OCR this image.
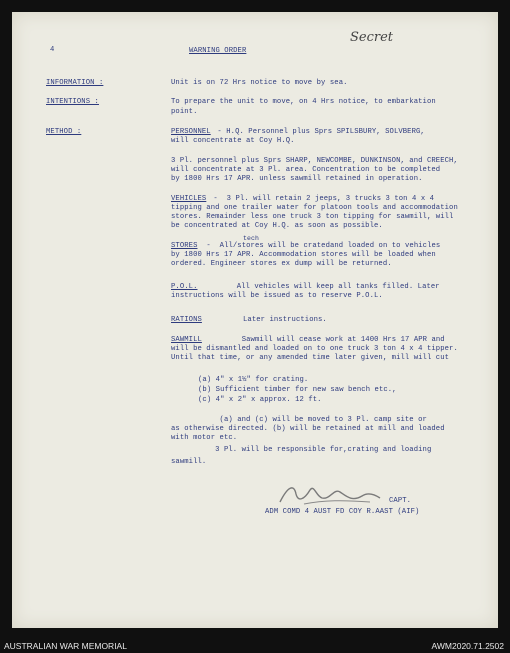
4
Secret
WARNING ORDER
INFORMATION :	Unit is on 72 Hrs notice to move by sea.
INTENTIONS :	To prepare the unit to move, on 4 Hrs notice, to embarkation
point.
METHOD :	PERSONNEL - H.Q. Personnel plus Sprs SPILSBURY, SOLVBERG,
will concentrate at Coy H.Q.
3 Pl. personnel plus Sprs SHARP, NEWCOMBE, DUNKINSON, and CREECH,
will concentrate at 3 Pl. area. Concentration to be completed
by 1800 Hrs 17 APR. unless sawmill retained in operation.
VEHICLES -  3 Pl. will retain 2 jeeps, 3 trucks 3 ton 4 x 4
tipping and one trailer water for platoon tools and accommodation
stores. Remainder less one truck 3 ton tipping for sawmill, will
be concentrated at Coy H.Q. as soon as possible.
tech
STORES -  All/stores will be cratedand loaded on to vehicles
by 1800 Hrs 17 APR. Accommodation stores will be loaded when
ordered. Engineer stores ex dump will be returned.
P.O.L. All vehicles will keep all tanks filled. Later
instructions will be issued as to reserve P.O.L.
RATIONS	Later instructions.
SAWMILL Sawmill will cease work at 1400 Hrs 17 APR and
will be dismantled and loaded on to one truck 3 ton 4 x 4 tipper.
Until that time, or any amended time later given, mill will cut
(a) 4" x 1½" for crating.
(b) Sufficient timber for new saw bench etc.,
(c) 4" x 2" x approx. 12 ft.
(a) and (c) will be moved to 3 Pl. camp site or
as otherwise directed. (b) will be retained at mill and loaded
with motor etc.
3 Pl. will be responsible for,crating and loading
sawmill.
CAPT.
ADM COMD 4 AUST FD COY R.AAST (AIF)
AUSTRALIAN WAR MEMORIAL	AWM2020.71.2502
